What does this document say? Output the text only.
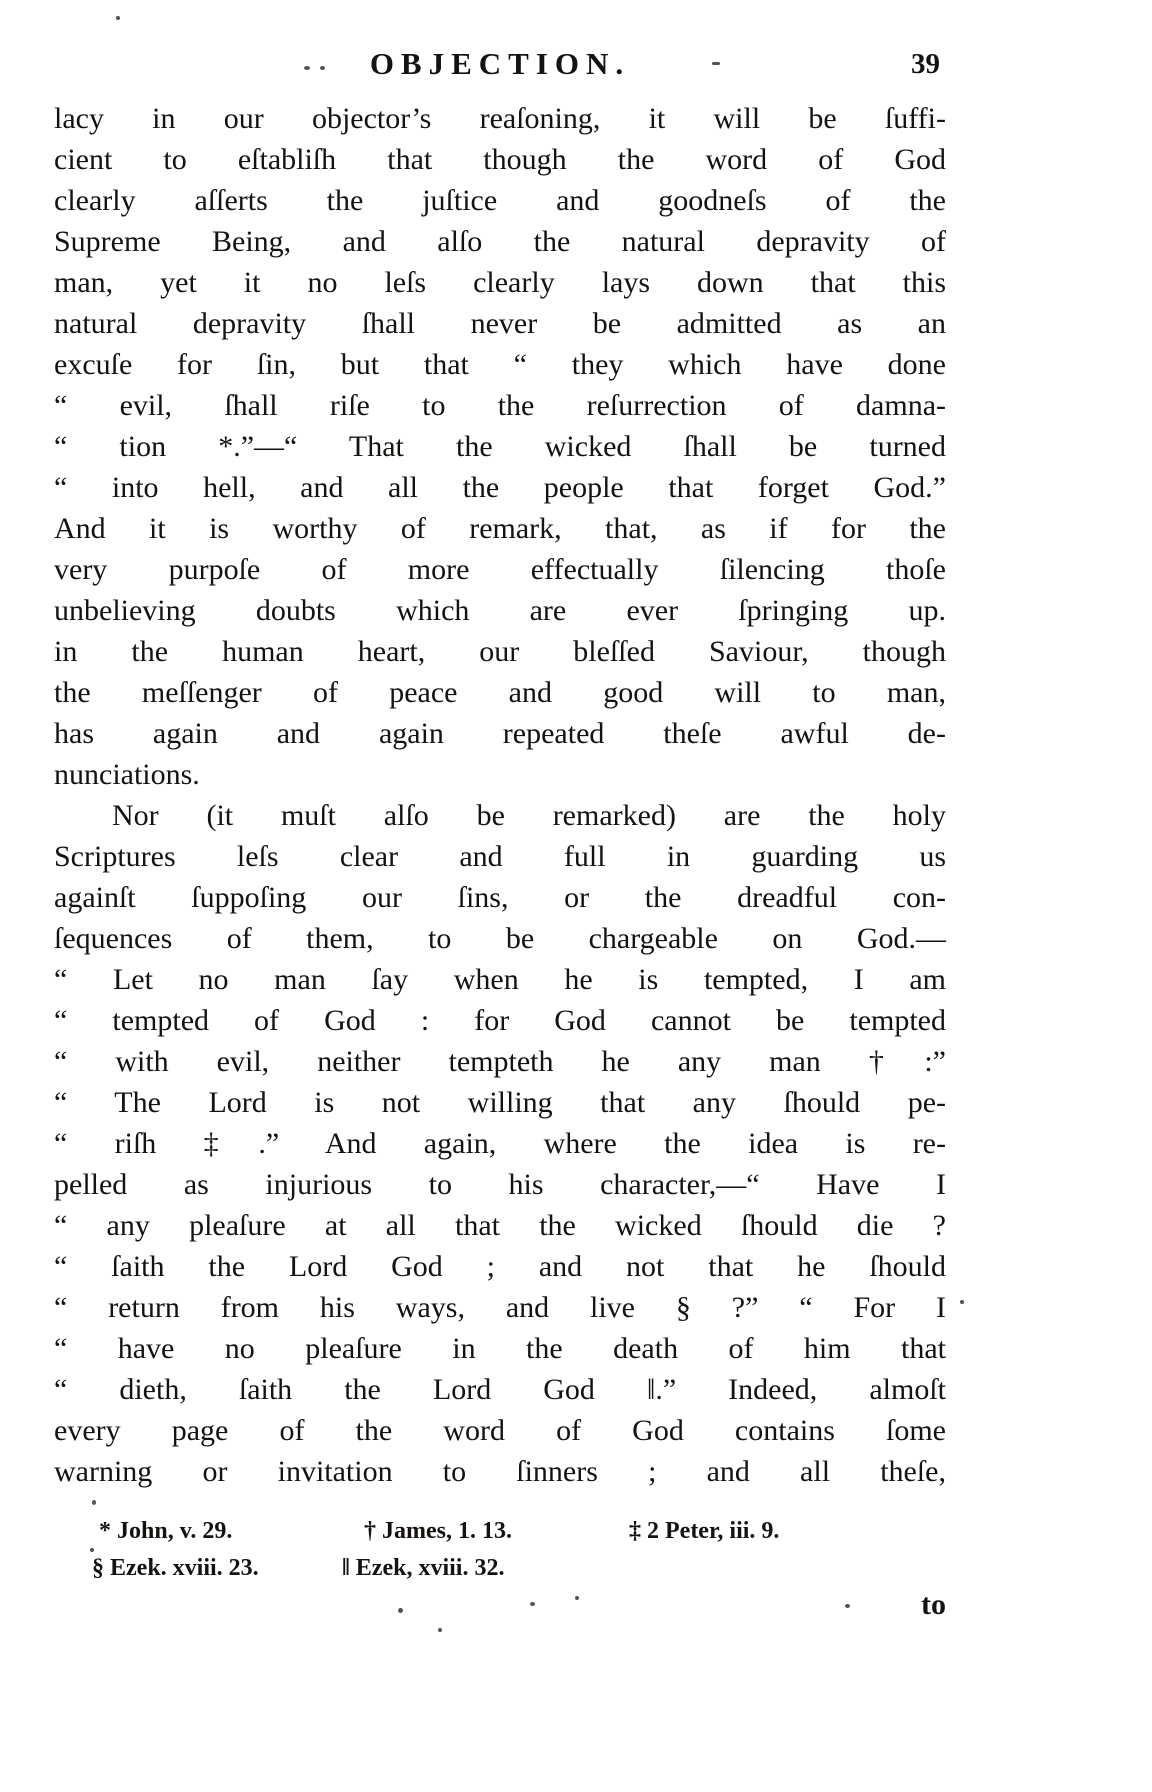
OBJECTION.	39
lacy in our objector’s reaſoning, it will be ſuffi-
cient to eſtabliſh that though the word of God
clearly aſſerts the juſtice and goodneſs of the
Supreme Being, and alſo the natural depravity of
man, yet it no leſs clearly lays down that this
natural depravity ſhall never be admitted as an
excuſe for ſin, but that “ they which have done
“ evil, ſhall riſe to the reſurrection of damna-
“ tion *.”—“ That the wicked ſhall be turned
“ into hell, and all the people that forget God.”
And it is worthy of remark, that, as if for the
very purpoſe of more effectually ſilencing thoſe
unbelieving doubts which are ever ſpringing up.
in the human heart, our bleſſed Saviour, though
the meſſenger of peace and good will to man,
has again and again repeated theſe awful de-
nunciations.
Nor (it muſt alſo be remarked) are the holy
Scriptures leſs clear and full in guarding us
againſt ſuppoſing our ſins, or the dreadful con-
ſequences of them, to be chargeable on God.—
“ Let no man ſay when he is tempted, I am
“ tempted of God : for God cannot be tempted
“ with evil, neither tempteth he any man †:”
“ The Lord is not willing that any ſhould pe-
“ riſh ‡.” And again, where the idea is re-
pelled as injurious to his character,—“ Have I
“ any pleaſure at all that the wicked ſhould die ?
“ ſaith the Lord God ; and not that he ſhould
“ return from his ways, and live § ?” “ For I
“ have no pleaſure in the death of him that
“ dieth, ſaith the Lord God ‖.” Indeed, almoſt
every page of the word of God contains ſome
warning or invitation to ſinners ; and all theſe,
* John, v. 29.	† James, 1. 13.	‡ 2 Peter, iii. 9.
§ Ezek. xviii. 23.	‖ Ezek, xviii. 32.
to
